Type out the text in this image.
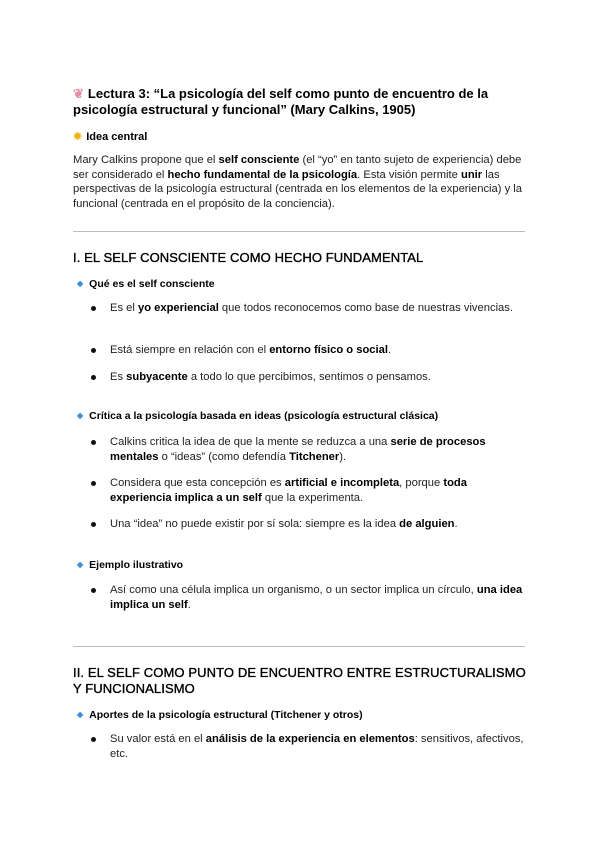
❦ Lectura 3: “La psicología del self como punto de encuentro de la psicología estructural y funcional” (Mary Calkins, 1905)
✸ Idea central
Mary Calkins propone que el self consciente (el “yo” en tanto sujeto de experiencia) debe ser considerado el hecho fundamental de la psicología. Esta visión permite unir las perspectivas de la psicología estructural (centrada en los elementos de la experiencia) y la funcional (centrada en el propósito de la conciencia).
I. EL SELF CONSCIENTE COMO HECHO FUNDAMENTAL
◆ Qué es el self consciente
Es el yo experiencial que todos reconocemos como base de nuestras vivencias.
Está siempre en relación con el entorno físico o social.
Es subyacente a todo lo que percibimos, sentimos o pensamos.
◆ Crítica a la psicología basada en ideas (psicología estructural clásica)
Calkins critica la idea de que la mente se reduzca a una serie de procesos mentales o “ideas” (como defendía Titchener).
Considera que esta concepción es artificial e incompleta, porque toda experiencia implica a un self que la experimenta.
Una “idea” no puede existir por sí sola: siempre es la idea de alguien.
◆ Ejemplo ilustrativo
Así como una célula implica un organismo, o un sector implica un círculo, una idea implica un self.
II. EL SELF COMO PUNTO DE ENCUENTRO ENTRE ESTRUCTURALISMO Y FUNCIONALISMO
◆ Aportes de la psicología estructural (Titchener y otros)
Su valor está en el análisis de la experiencia en elementos: sensitivos, afectivos, etc.
